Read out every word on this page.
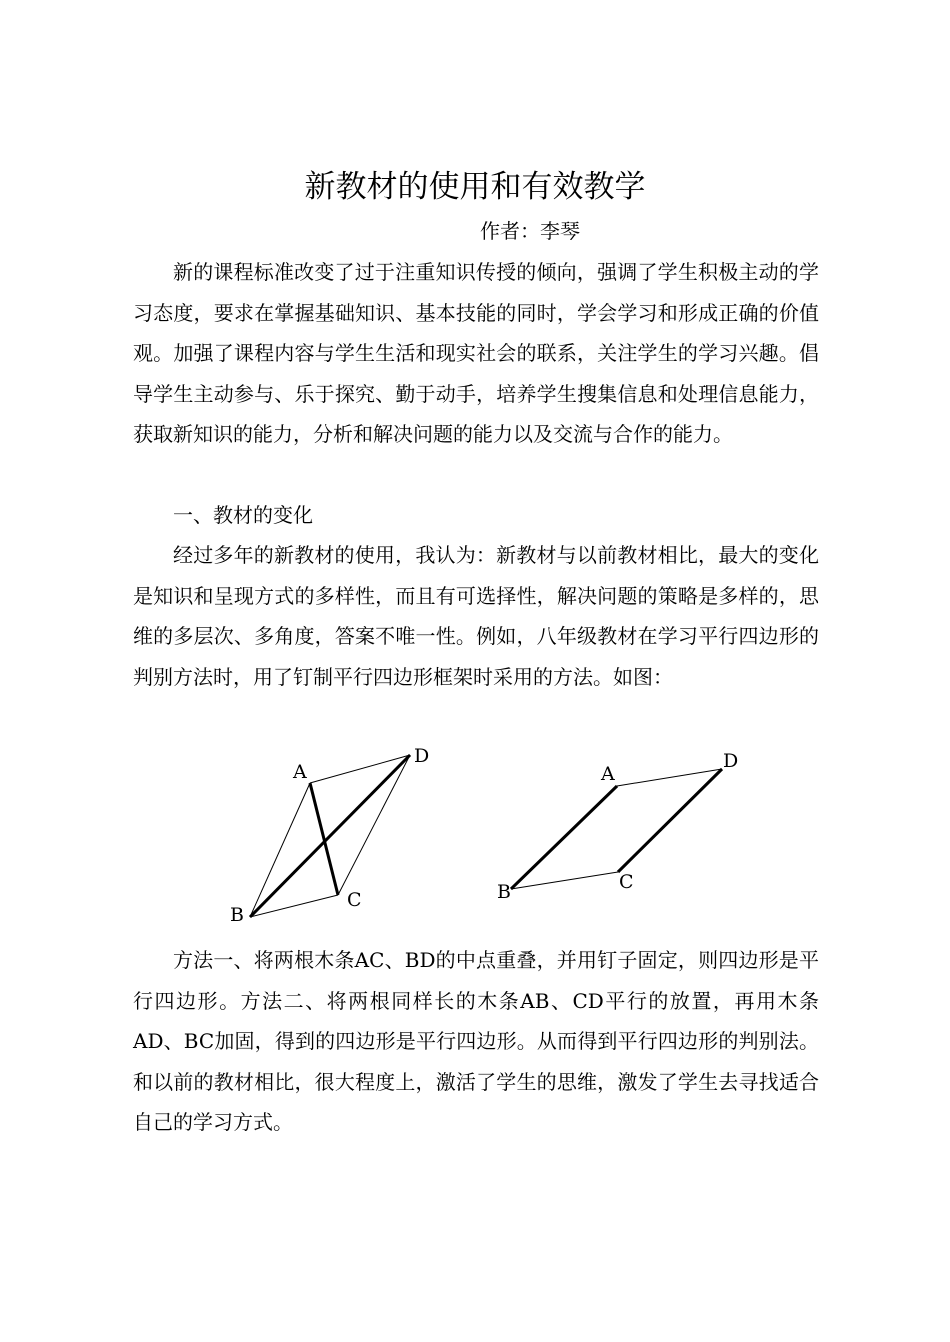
新教材的使用和有效教学
作者：李琴

新的课程标准改变了过于注重知识传授的倾向，强调了学生积极主动的学习态度，要求在掌握基础知识、基本技能的同时，学会学习和形成正确的价值观。加强了课程内容与学生生活和现实社会的联系，关注学生的学习兴趣。倡导学生主动参与、乐于探究、勤于动手，培养学生搜集信息和处理信息能力，获取新知识的能力，分析和解决问题的能力以及交流与合作的能力。

一、教材的变化

经过多年的新教材的使用，我认为：新教材与以前教材相比，最大的变化是知识和呈现方式的多样性，而且有可选择性，解决问题的策略是多样的，思维的多层次、多角度，答案不唯一性。例如，八年级教材在学习平行四边形的判别方法时，用了钉制平行四边形框架时采用的方法。如图：

A
B
C
D
A
B	C
D

方法一、将两根木条AC、BD的中点重叠，并用钉子固定，则四边形是平行四边形。方法二、将两根同样长的木条AB、CD平行的放置，再用木条AD、BC加固，得到的四边形是平行四边形。从而得到平行四边形的判别法。和以前的教材相比，很大程度上，激活了学生的思维，激发了学生去寻找适合自己的学习方式。
